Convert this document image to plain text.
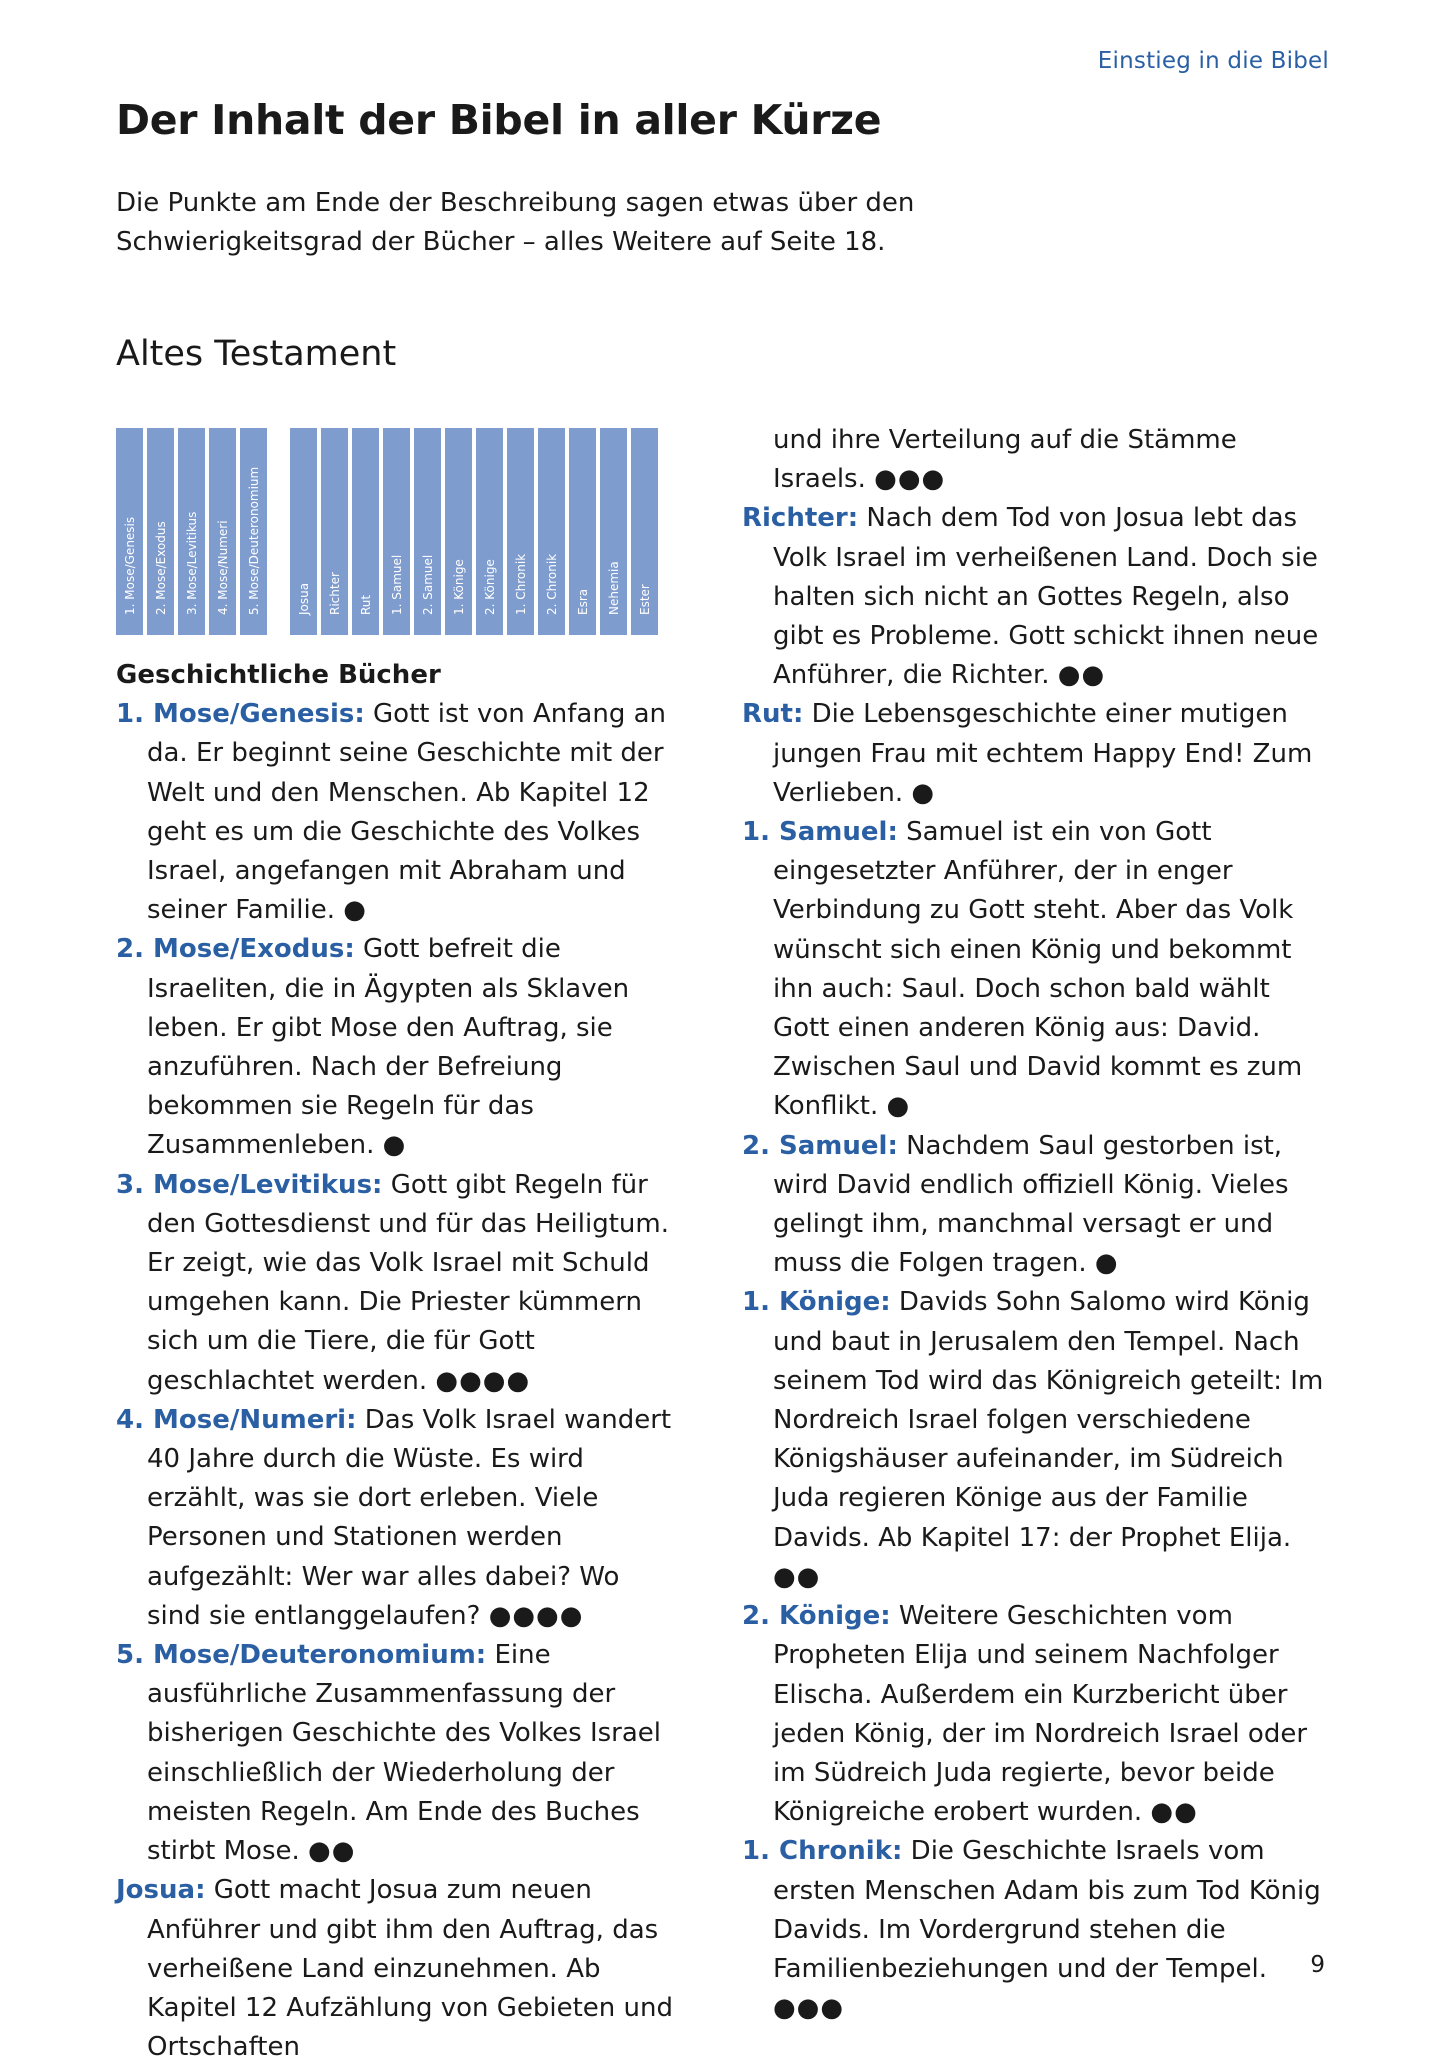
Einstieg in die Bibel
Der Inhalt der Bibel in aller Kürze

Die Punkte am Ende der Beschreibung sagen etwas über den
Schwierigkeitsgrad der Bücher – alles Weitere auf Seite 18.

Altes Testament
1. Mose/Genesis 2. Mose/Exodus 3. Mose/Levitikus 4. Mose/Numeri 5. Mose/Deuteronomium	Josua Richter Rut 1. Samuel 2. Samuel 1. Könige 2. Könige 1. Chronik 2. Chronik Esra Nehemia Ester

Geschichtliche Bücher

1. Mose/Genesis: Gott ist von Anfang an da. Er beginnt seine Geschichte mit der Welt und den Menschen. Ab Kapitel 12 geht es um die Geschichte des Volkes Israel, angefangen mit Abraham und seiner Familie. ●

2. Mose/Exodus: Gott befreit die Israeliten, die in Ägypten als Sklaven leben. Er gibt Mose den Auftrag, sie anzuführen. Nach der Befreiung bekommen sie Regeln für das Zusammenleben. ●

3. Mose/Levitikus: Gott gibt Regeln für den Gottesdienst und für das Heiligtum. Er zeigt, wie das Volk Israel mit Schuld umgehen kann. Die Priester kümmern sich um die Tiere, die für Gott geschlachtet werden. ●●●●

4. Mose/Numeri: Das Volk Israel wandert 40 Jahre durch die Wüste. Es wird erzählt, was sie dort erleben. Viele Personen und Stationen werden aufgezählt: Wer war alles dabei? Wo sind sie entlanggelaufen? ●●●●

5. Mose/Deuteronomium: Eine ausführliche Zusammenfassung der bisherigen Geschichte des Volkes Israel einschließlich der Wiederholung der meisten Regeln. Am Ende des Buches stirbt Mose. ●●

Josua: Gott macht Josua zum neuen Anführer und gibt ihm den Auftrag, das verheißene Land einzunehmen. Ab Kapitel 12 Aufzählung von Gebieten und Ortschaften

und ihre Verteilung auf die Stämme Israels. ●●●

Richter: Nach dem Tod von Josua lebt das Volk Israel im verheißenen Land. Doch sie halten sich nicht an Gottes Regeln, also gibt es Probleme. Gott schickt ihnen neue Anführer, die Richter. ●●

Rut: Die Lebensgeschichte einer mutigen jungen Frau mit echtem Happy End! Zum Verlieben. ●

1. Samuel: Samuel ist ein von Gott eingesetzter Anführer, der in enger Verbindung zu Gott steht. Aber das Volk wünscht sich einen König und bekommt ihn auch: Saul. Doch schon bald wählt Gott einen anderen König aus: David. Zwischen Saul und David kommt es zum Konflikt. ●

2. Samuel: Nachdem Saul gestorben ist, wird David endlich offiziell König. Vieles gelingt ihm, manchmal versagt er und muss die Folgen tragen. ●

1. Könige: Davids Sohn Salomo wird König und baut in Jerusalem den Tempel. Nach seinem Tod wird das Königreich geteilt: Im Nordreich Israel folgen verschiedene Königshäuser aufeinander, im Südreich Juda regieren Könige aus der Familie Davids. Ab Kapitel 17: der Prophet Elija. ●●

2. Könige: Weitere Geschichten vom Propheten Elija und seinem Nachfolger Elischa. Außerdem ein Kurzbericht über jeden König, der im Nordreich Israel oder im Südreich Juda regierte, bevor beide Königreiche erobert wurden. ●●

1. Chronik: Die Geschichte Israels vom ersten Menschen Adam bis zum Tod König Davids. Im Vordergrund stehen die Familienbeziehungen und der Tempel. ●●●

9
